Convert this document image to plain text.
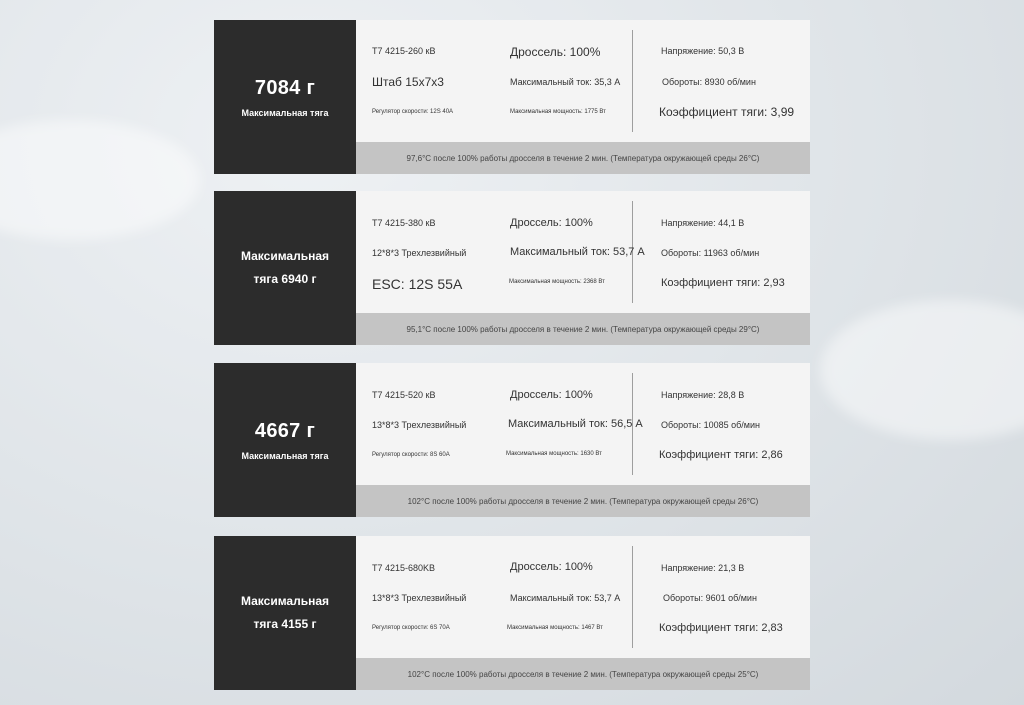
7084 г
Максимальная тяга
T7 4215-260 кВ
Штаб 15x7x3
Регулятор скорости: 12S 40A
Дроссель: 100%
Максимальный ток: 35,3 A
Максимальная мощность: 1775 Вт
Напряжение: 50,3 В
Обороты: 8930 об/мин
Коэффициент тяги: 3,99
97,6°C после 100% работы дросселя в течение 2 мин. (Температура окружающей среды 26°C)
Максимальная
тяга 6940 г
T7 4215-380 кВ
12*8*3 Трехлезвийный
ESC: 12S 55A
Дроссель: 100%
Максимальный ток: 53,7 A
Максимальная мощность: 2368 Вт
Напряжение: 44,1 В
Обороты: 11963 об/мин
Коэффициент тяги: 2,93
95,1°C после 100% работы дросселя в течение 2 мин. (Температура окружающей среды 29°C)
4667 г
Максимальная тяга
T7 4215-520 кВ
13*8*3 Трехлезвийный
Регулятор скорости: 8S 60A
Дроссель: 100%
Максимальный ток: 56,5 A
Максимальная мощность: 1630 Вт
Напряжение: 28,8 В
Обороты: 10085 об/мин
Коэффициент тяги: 2,86
102°C после 100% работы дросселя в течение 2 мин. (Температура окружающей среды 26°C)
Максимальная
тяга 4155 г
T7 4215-680KB
13*8*3 Трехлезвийный
Регулятор скорости: 6S 70A
Дроссель: 100%
Максимальный ток: 53,7 A
Максимальная мощность: 1467 Вт
Напряжение: 21,3 В
Обороты: 9601 об/мин
Коэффициент тяги: 2,83
102°C после 100% работы дросселя в течение 2 мин. (Температура окружающей среды 25°C)
